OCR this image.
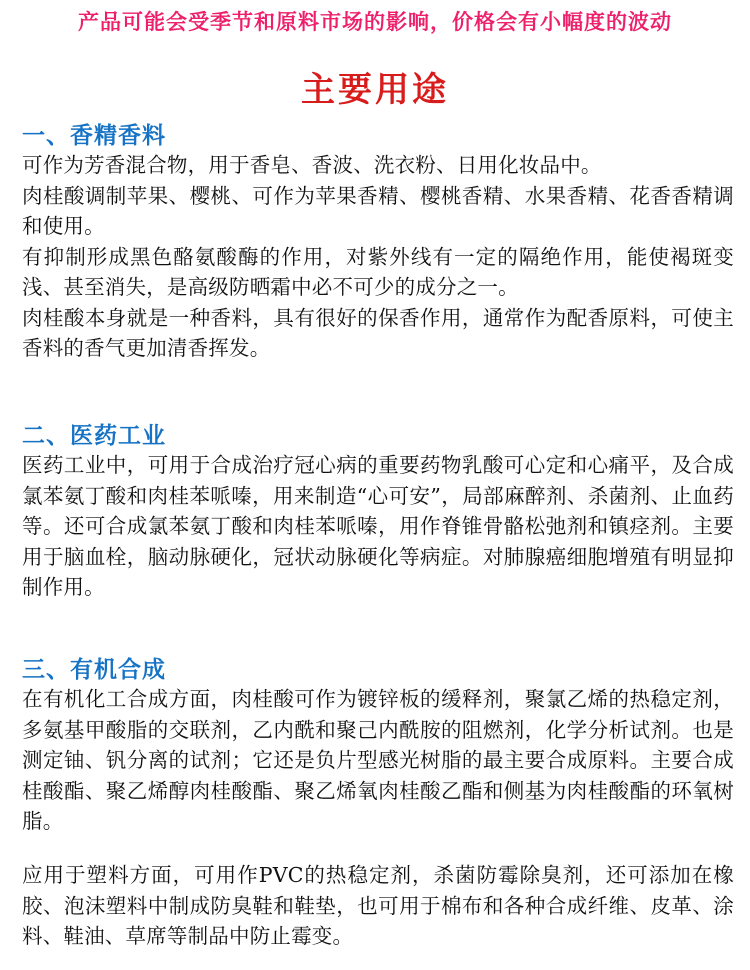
产品可能会受季节和原料市场的影响，价格会有小幅度的波动
主要用途
一、香精香料

可作为芳香混合物，用于香皂、香波、洗衣粉、日用化妆品中。

肉桂酸调制苹果、樱桃、可作为苹果香精、樱桃香精、水果香精、花香香精调和使用。

有抑制形成黑色酪氨酸酶的作用，对紫外线有一定的隔绝作用，能使褐斑变浅、甚至消失，是高级防晒霜中必不可少的成分之一。

肉桂酸本身就是一种香料，具有很好的保香作用，通常作为配香原料，可使主香料的香气更加清香挥发。

二、医药工业

医药工业中，可用于合成治疗冠心病的重要药物乳酸可心定和心痛平，及合成氯苯氨丁酸和肉桂苯哌嗪，用来制造“心可安”，局部麻醉剂、杀菌剂、止血药等。还可合成氯苯氨丁酸和肉桂苯哌嗪，用作脊锥骨骼松弛剂和镇痉剂。主要用于脑血栓，脑动脉硬化，冠状动脉硬化等病症。对肺腺癌细胞增殖有明显抑制作用。

三、有机合成

在有机化工合成方面，肉桂酸可作为镀锌板的缓释剂，聚氯乙烯的热稳定剂，多氨基甲酸脂的交联剂，乙内酰和聚己内酰胺的阻燃剂，化学分析试剂。也是测定铀、钒分离的试剂；它还是负片型感光树脂的最主要合成原料。主要合成桂酸酯、聚乙烯醇肉桂酸酯、聚乙烯氧肉桂酸乙酯和侧基为肉桂酸酯的环氧树脂。

应用于塑料方面，可用作PVC的热稳定剂，杀菌防霉除臭剂，还可添加在橡胶、泡沫塑料中制成防臭鞋和鞋垫，也可用于棉布和各种合成纤维、皮革、涂料、鞋油、草席等制品中防止霉变。
